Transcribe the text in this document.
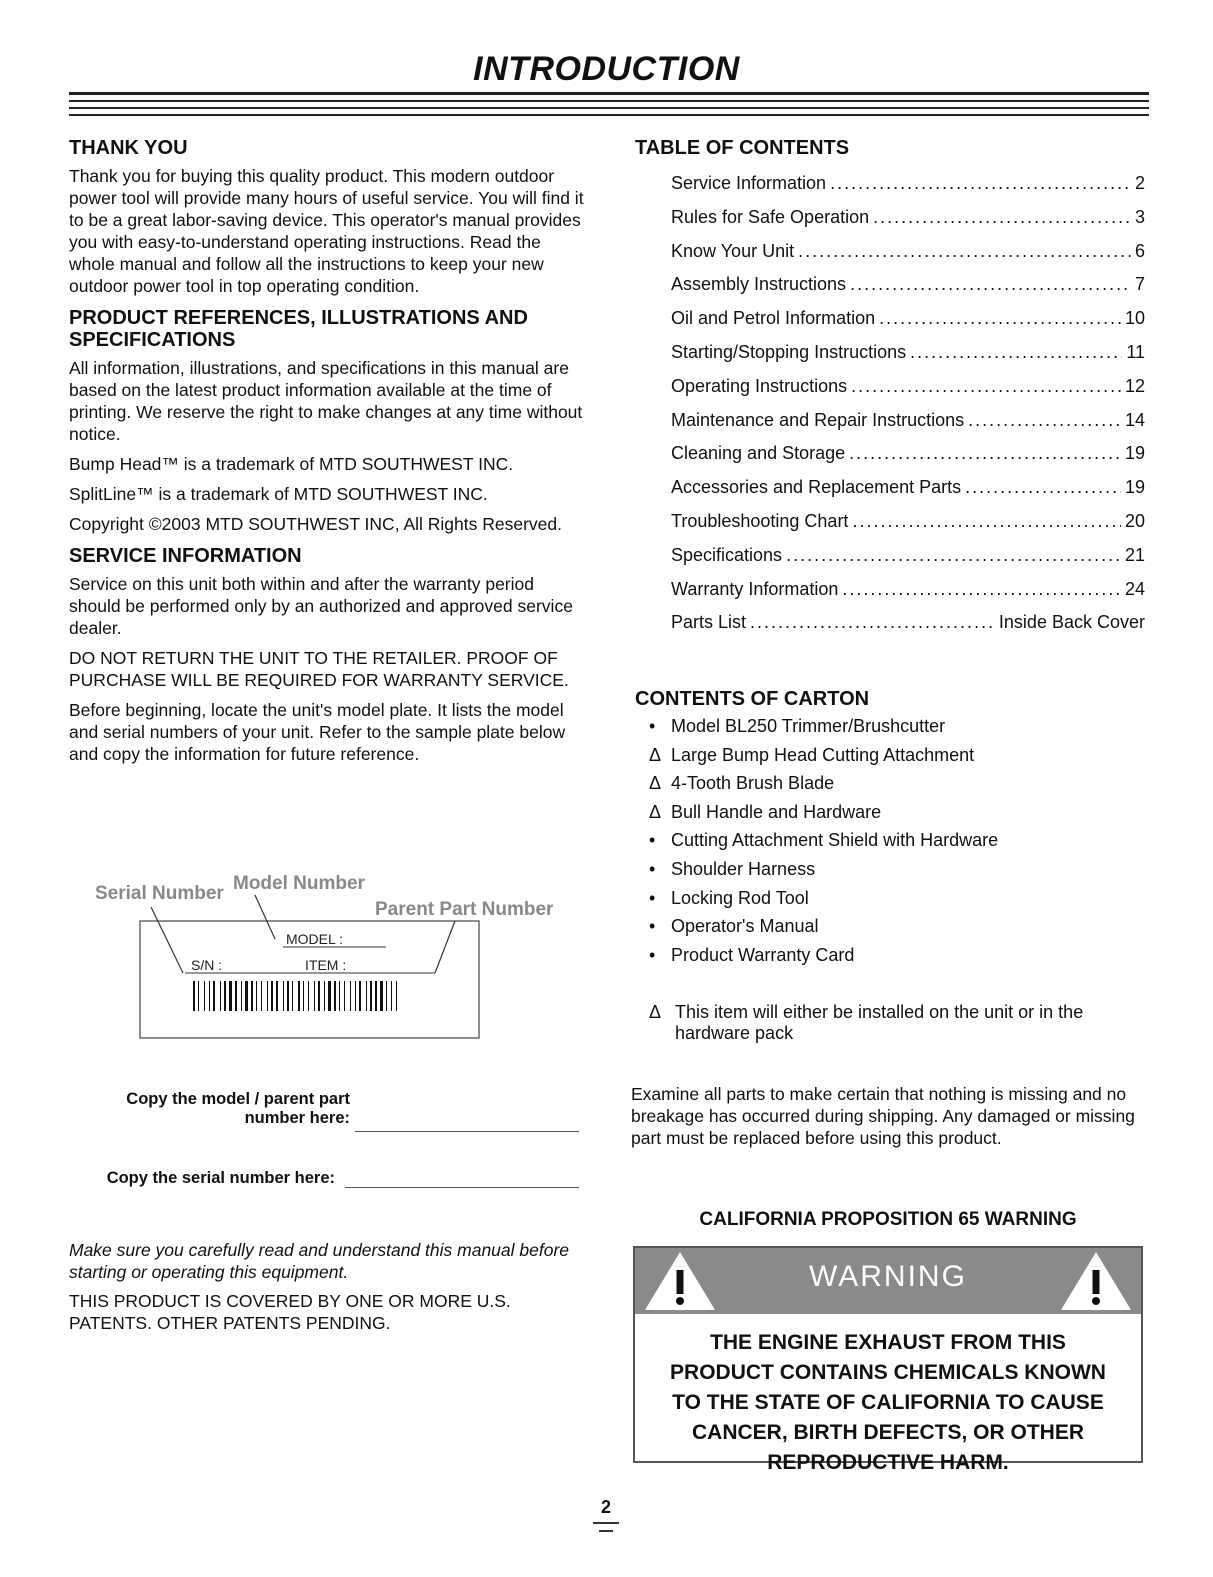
INTRODUCTION
THANK YOU

Thank you for buying this quality product. This modern outdoor power tool will provide many hours of useful service. You will find it to be a great labor-saving device. This operator's manual provides you with easy-to-understand operating instructions. Read the whole manual and follow all the instructions to keep your new outdoor power tool in top operating condition.

PRODUCT REFERENCES, ILLUSTRATIONS AND SPECIFICATIONS

All information, illustrations, and specifications in this manual are based on the latest product information available at the time of printing. We reserve the right to make changes at any time without notice.

Bump Head™ is a trademark of MTD SOUTHWEST INC.

SplitLine™ is a trademark of MTD SOUTHWEST INC.

Copyright ©2003 MTD SOUTHWEST INC, All Rights Reserved.

SERVICE INFORMATION

Service on this unit both within and after the warranty period should be performed only by an authorized and approved service dealer.

DO NOT RETURN THE UNIT TO THE RETAILER. PROOF OF PURCHASE WILL BE REQUIRED FOR WARRANTY SERVICE.

Before beginning, locate the unit's model plate. It lists the model and serial numbers of your unit. Refer to the sample plate below and copy the information for future reference.

Serial Number Model Number
Parent Part Number
MODEL :
S/N :	ITEM :
Copy the model / parent part
number here:
Copy the serial number here:

Make sure you carefully read and understand this manual before starting or operating this equipment.

THIS PRODUCT IS COVERED BY ONE OR MORE U.S. PATENTS. OTHER PATENTS PENDING.

TABLE OF CONTENTS
Service Information .....	2
Rules for Safe Operation .....	3
Know Your Unit .....	6
Assembly Instructions .....	7
Oil and Petrol Information .....	10
Starting/Stopping Instructions .....	11
Operating Instructions .....	12
Maintenance and Repair Instructions .....	14
Cleaning and Storage .....	19
Accessories and Replacement Parts .....	19
Troubleshooting Chart .....	20
Specifications .....	21
Warranty Information .....	24
Parts List .....	Inside Back Cover
CONTENTS OF CARTON
• Model BL250 Trimmer/Brushcutter
Δ Large Bump Head Cutting Attachment
Δ 4-Tooth Brush Blade
Δ Bull Handle and Hardware
• Cutting Attachment Shield with Hardware
• Shoulder Harness
• Locking Rod Tool
• Operator's Manual
• Product Warranty Card
Δ This item will either be installed on the unit or in the hardware pack

Examine all parts to make certain that nothing is missing and no breakage has occurred during shipping. Any damaged or missing part must be replaced before using this product.

CALIFORNIA PROPOSITION 65 WARNING
WARNING
THE ENGINE EXHAUST FROM THIS PRODUCT CONTAINS CHEMICALS KNOWN TO THE STATE OF CALIFORNIA TO CAUSE CANCER, BIRTH DEFECTS, OR OTHER REPRODUCTIVE HARM.
2
